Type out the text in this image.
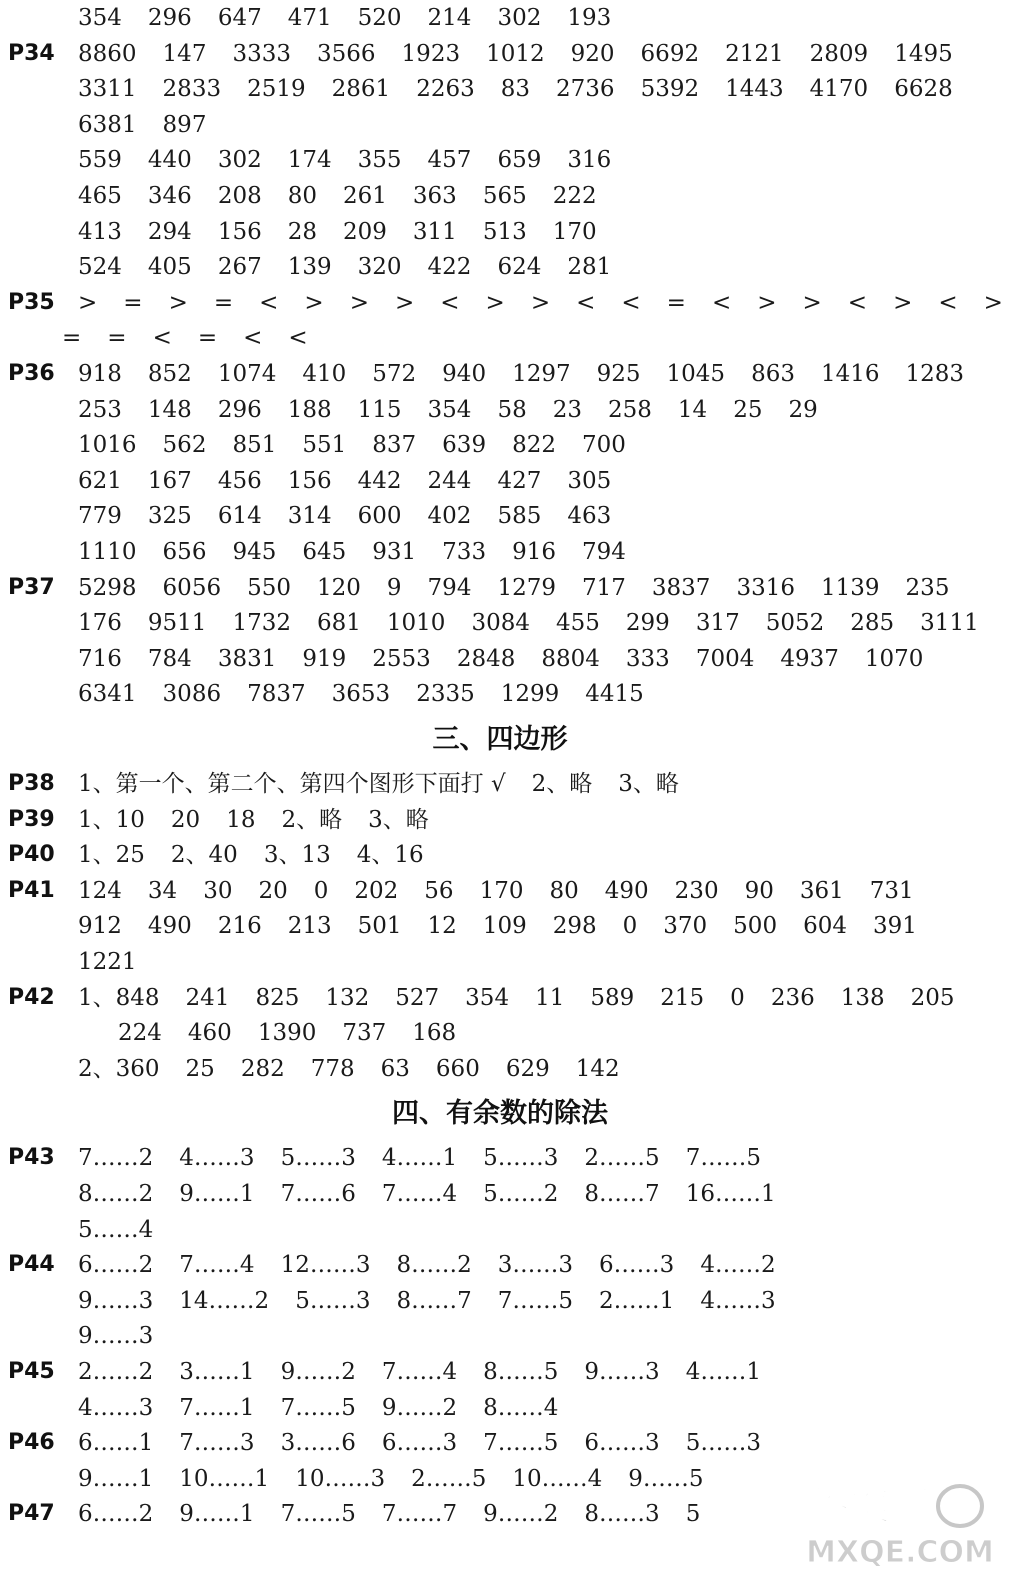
354 296 647 471 520 214 302 193
P34 8860 147 3333 3566 1923 1012 920 6692 2121 2809 1495
3311 2833 2519 2861 2263 83 2736 5392 1443 4170 6628
6381 897
559 440 302 174 355 457 659 316
465 346 208 80 261 363 565 222
413 294 156 28 209 311 513 170
524 405 267 139 320 422 624 281
P35 > = > = < > > > < > > < < = < > > < > < >
= = < = < <
P36 918 852 1074 410 572 940 1297 925 1045 863 1416 1283
253 148 296 188 115 354 58 23 258 14 25 29
1016 562 851 551 837 639 822 700
621 167 456 156 442 244 427 305
779 325 614 314 600 402 585 463
1110 656 945 645 931 733 916 794
P37 5298 6056 550 120 9 794 1279 717 3837 3316 1139 235
176 9511 1732 681 1010 3084 455 299 317 5052 285 3111
716 784 3831 919 2553 2848 8804 333 7004 4937 1070
6341 3086 7837 3653 2335 1299 4415
三、四边形
P38 1、第一个、第二个、第四个图形下面打 √ 2、略 3、略
P39 1、10 20 18 2、略 3、略
P40 1、25 2、40 3、13 4、16
P41 124 34 30 20 0 202 56 170 80 490 230 90 361 731
912 490 216 213 501 12 109 298 0 370 500 604 391
1221
P42 1、848 241 825 132 527 354 11 589 215 0 236 138 205
224 460 1390 737 168
2、360 25 282 778 63 660 629 142
四、有余数的除法
P43 7……2 4……3 5……3 4……1 5……3 2……5 7……5
8……2 9……1 7……6 7……4 5……2 8……7 16……1
5……4
P44 6……2 7……4 12……3 8……2 3……3 6……3 4……2
9……3 14……2 5……3 8……7 7……5 2……1 4……3
9……3
P45 2……2 3……1 9……2 7……4 8……5 9……3 4……1
4……3 7……1 7……5 9……2 8……4
P46 6……1 7……3 3……6 6……3 7……5 6……3 5……3
9……1 10……1 10……3 2……5 10……4 9……5
P47 6……2 9……1 7……5 7……7 9……2 8……3 5	答案圈
MXQE.COM
